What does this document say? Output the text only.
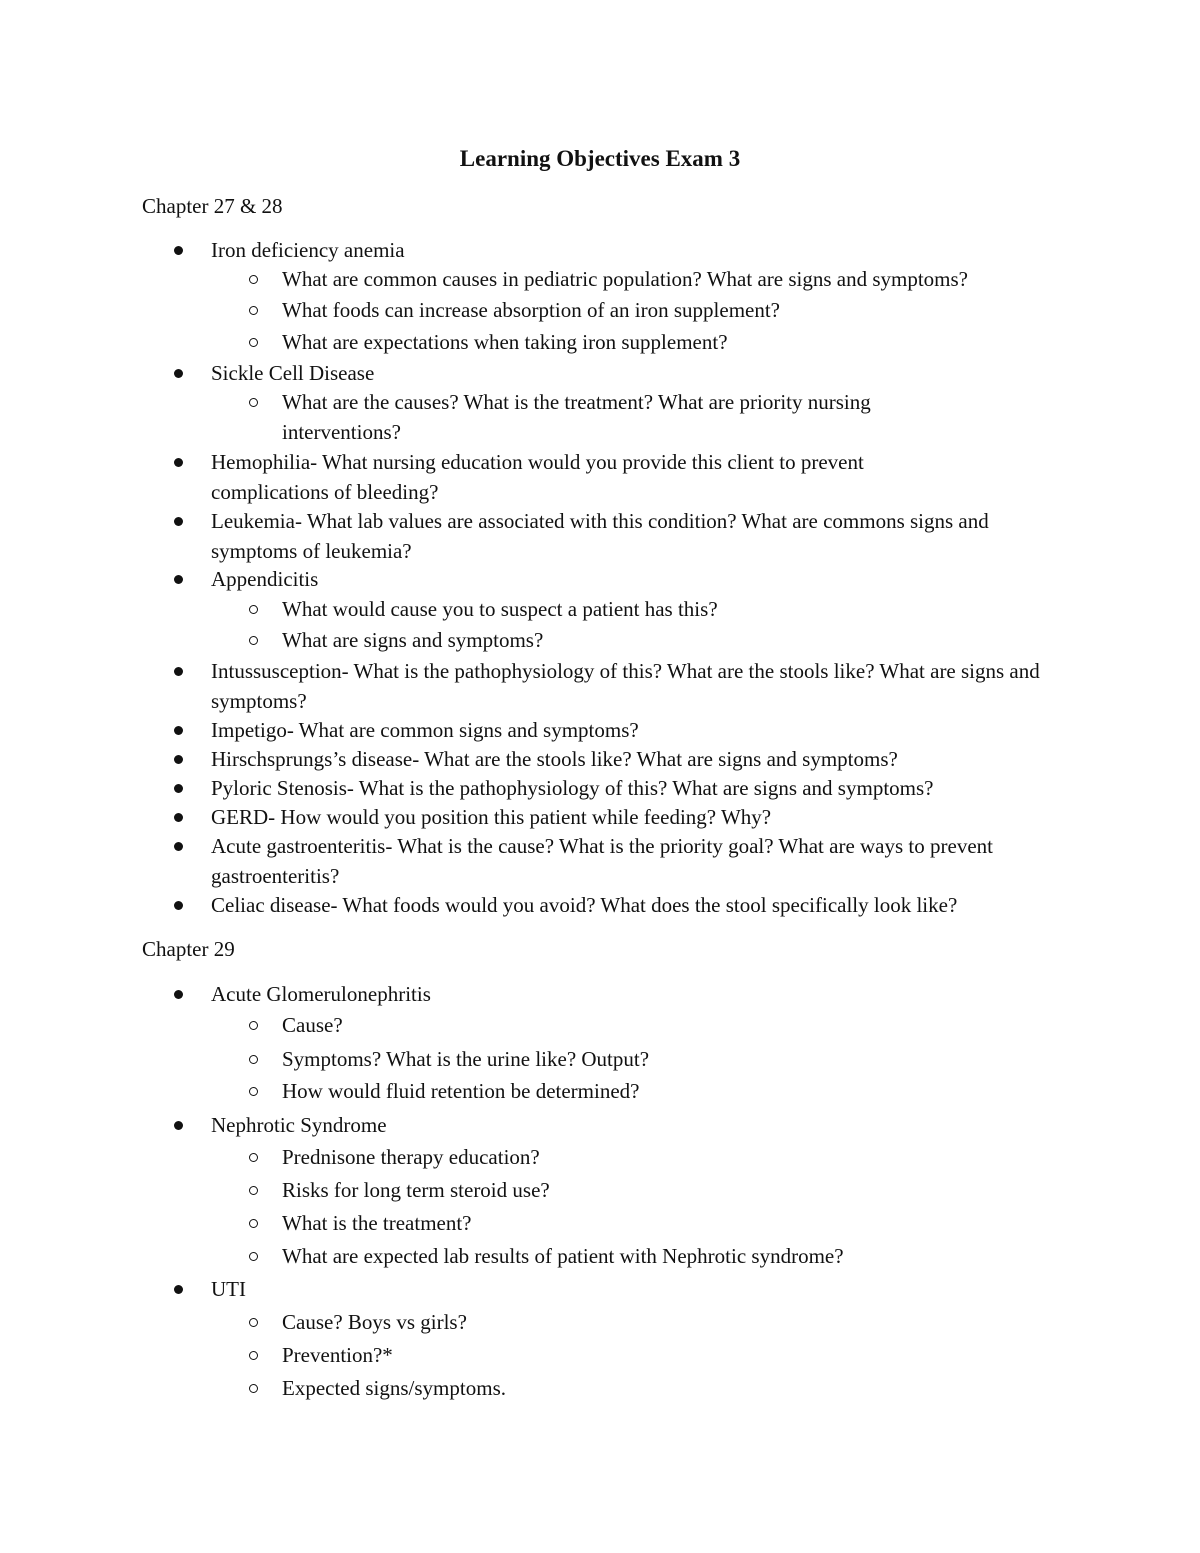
Learning Objectives Exam 3
Chapter 27 & 28
Iron deficiency anemia
What are common causes in pediatric population? What are signs and symptoms?
What foods can increase absorption of an iron supplement?
What are expectations when taking iron supplement?
Sickle Cell Disease
What are the causes? What is the treatment? What are priority nursing interventions?
Hemophilia- What nursing education would you provide this client to prevent complications of bleeding?
Leukemia- What lab values are associated with this condition? What are commons signs and symptoms of leukemia?
Appendicitis
What would cause you to suspect a patient has this?
What are signs and symptoms?
Intussusception- What is the pathophysiology of this? What are the stools like? What are signs and symptoms?
Impetigo- What are common signs and symptoms?
Hirschsprungs’s disease- What are the stools like? What are signs and symptoms?
Pyloric Stenosis- What is the pathophysiology of this? What are signs and symptoms?
GERD- How would you position this patient while feeding? Why?
Acute gastroenteritis- What is the cause? What is the priority goal? What are ways to prevent gastroenteritis?
Celiac disease- What foods would you avoid? What does the stool specifically look like?
Chapter 29
Acute Glomerulonephritis
Cause?
Symptoms? What is the urine like? Output?
How would fluid retention be determined?
Nephrotic Syndrome
Prednisone therapy education?
Risks for long term steroid use?
What is the treatment?
What are expected lab results of patient with Nephrotic syndrome?
UTI
Cause? Boys vs girls?
Prevention?*
Expected signs/symptoms.
